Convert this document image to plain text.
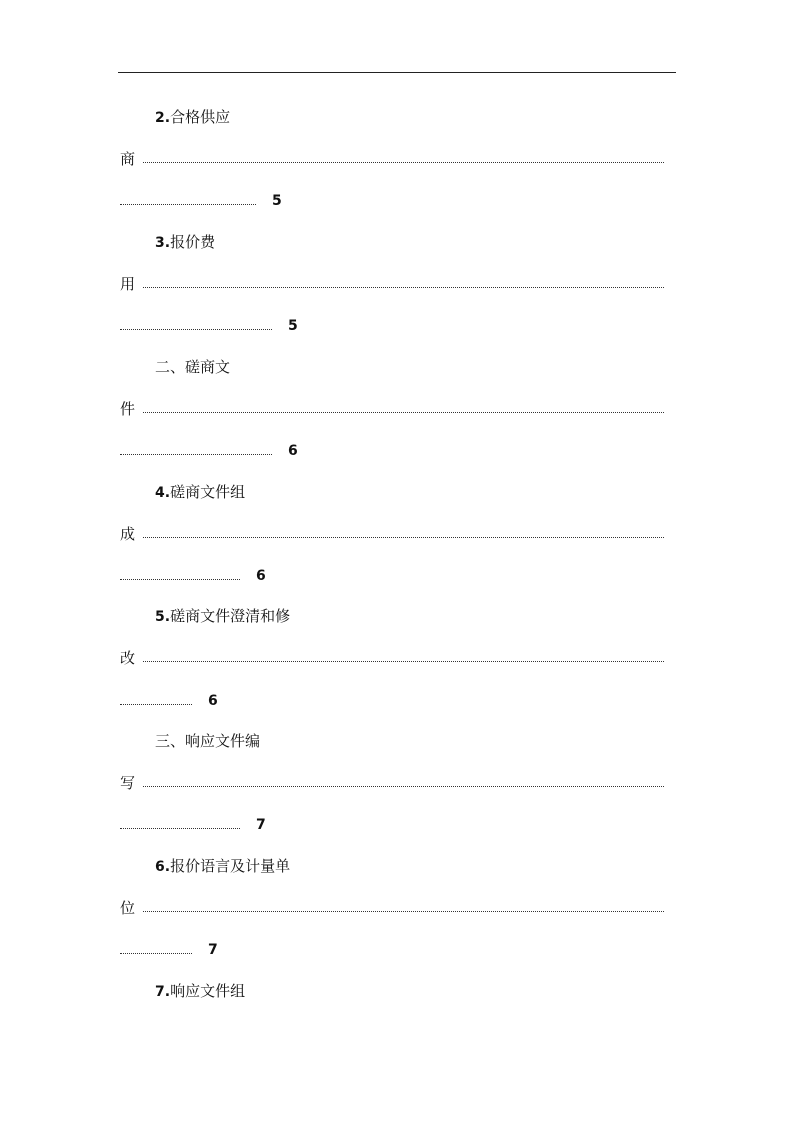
2.合格供应
商
5
3.报价费
用
5
二、磋商文
件
6
4.磋商文件组
成
6
5.磋商文件澄清和修
改
6
三、响应文件编
写
7
6.报价语言及计量单
位
7
7.响应文件组
